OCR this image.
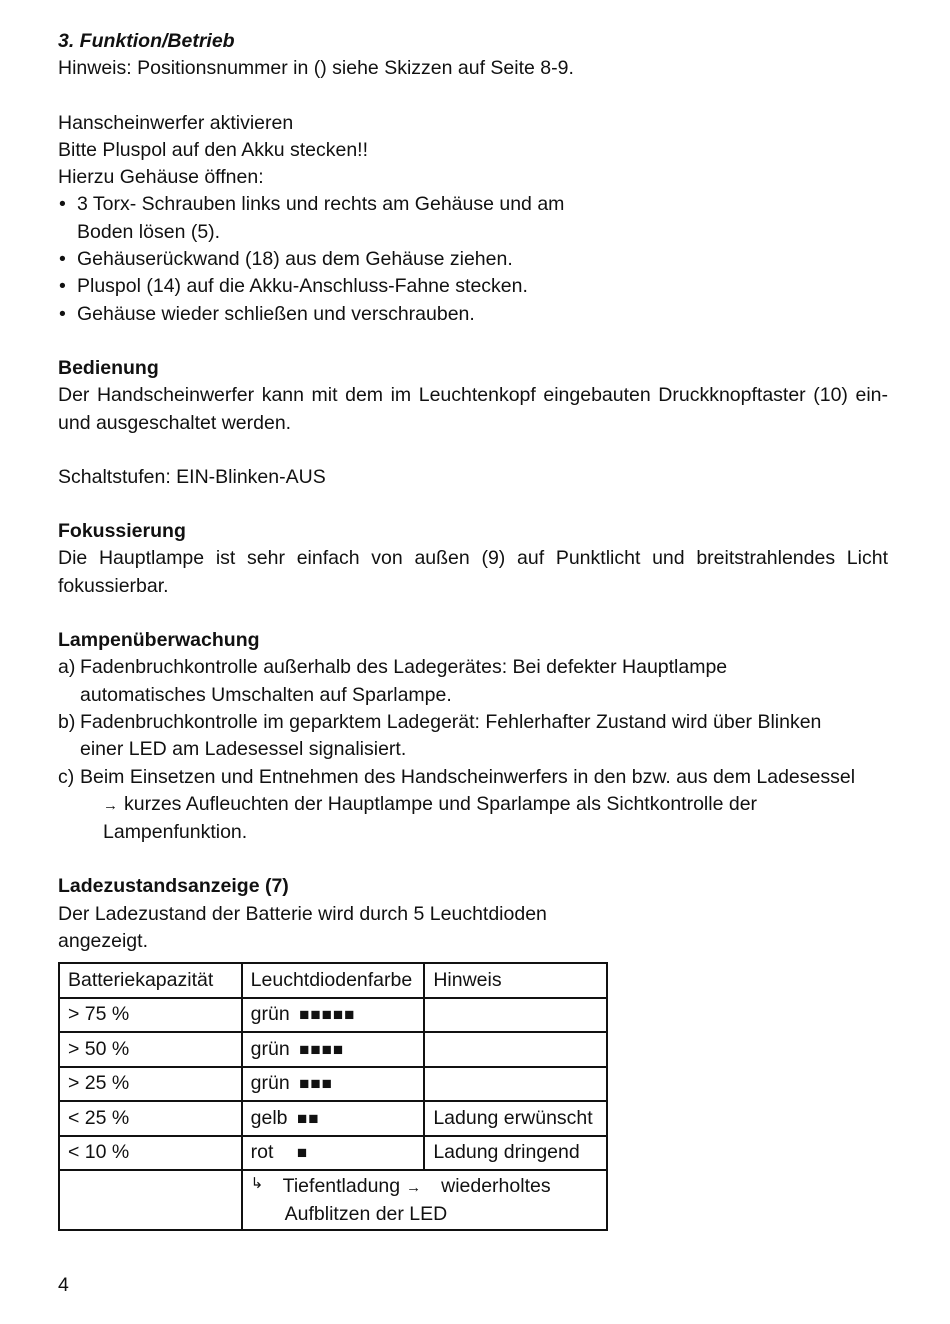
3. Funktion/Betrieb

Hinweis: Positionsnummer in () siehe Skizzen auf Seite 8-9.

Hanscheinwerfer aktivieren

Bitte Pluspol auf den Akku stecken!!

Hierzu Gehäuse öffnen:

• 3 Torx- Schrauben links und rechts am Gehäuse und am Boden lösen (5).
• Gehäuserückwand (18) aus dem Gehäuse ziehen.
• Pluspol (14) auf die Akku-Anschluss-Fahne stecken.
• Gehäuse wieder schließen und verschrauben.

Bedienung

Der Handscheinwerfer kann mit dem im Leuchtenkopf eingebauten Druckknopftaster (10) ein- und ausgeschaltet werden.

Schaltstufen: EIN-Blinken-AUS

Fokussierung

Die Hauptlampe ist sehr einfach von außen (9) auf Punktlicht und breitstrahlendes Licht fokussierbar.

Lampenüberwachung

a) Fadenbruchkontrolle außerhalb des Ladegerätes: Bei defekter Hauptlampe automatisches Umschalten auf Sparlampe.
b) Fadenbruchkontrolle im geparktem Ladegerät: Fehlerhafter Zustand wird über Blinken einer LED am Ladesessel signalisiert.
c) Beim Einsetzen und Entnehmen des Handscheinwerfers in den bzw. aus dem Ladesessel
→ kurzes Aufleuchten der Hauptlampe und Sparlampe als Sichtkontrolle der Lampenfunktion.

Ladezustandsanzeige (7)

Der Ladezustand der Batterie wird durch 5 Leuchtdioden

angezeigt.

Batteriekapazität	Leuchtdiodenfarbe	Hinweis
> 75 %	grün ■■■■■	
> 50 %	grün ■■■■	
> 25 %	grün ■■■	
< 25 %	gelb ■■	Ladung erwünscht
< 10 %	rot ■	Ladung dringend

	↳ Tiefentladung → wiederholtes
Aufblitzen der LED	
4
